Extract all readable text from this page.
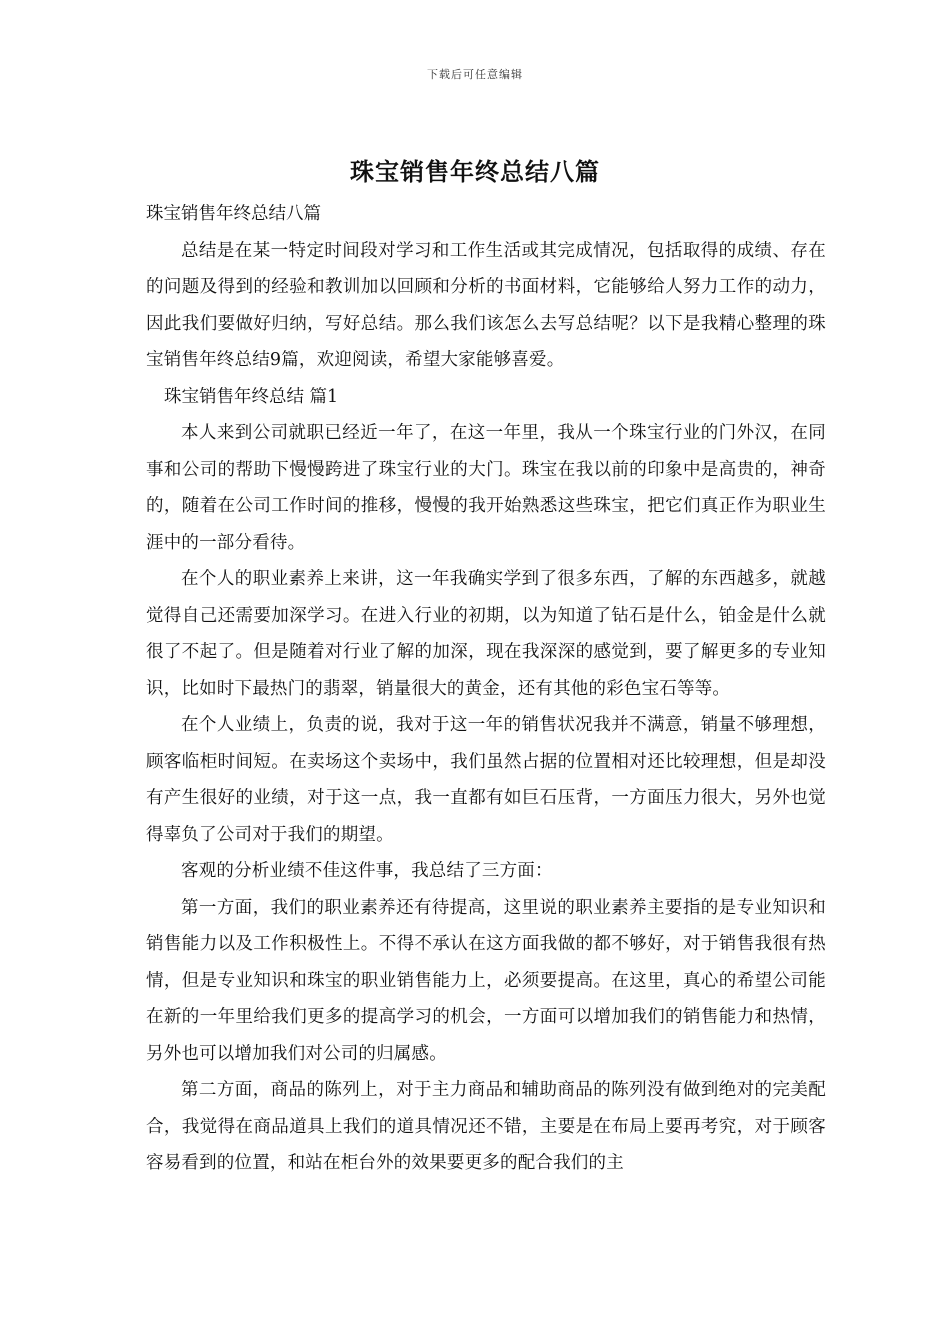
下载后可任意编辑
珠宝销售年终总结八篇

珠宝销售年终总结八篇

总结是在某一特定时间段对学习和工作生活或其完成情况，包括取得的成绩、存在的问题及得到的经验和教训加以回顾和分析的书面材料，它能够给人努力工作的动力，因此我们要做好归纳，写好总结。那么我们该怎么去写总结呢？以下是我精心整理的珠宝销售年终总结9篇，欢迎阅读，希望大家能够喜爱。

珠宝销售年终总结 篇1

本人来到公司就职已经近一年了，在这一年里，我从一个珠宝行业的门外汉，在同事和公司的帮助下慢慢跨进了珠宝行业的大门。珠宝在我以前的印象中是高贵的，神奇的，随着在公司工作时间的推移，慢慢的我开始熟悉这些珠宝，把它们真正作为职业生涯中的一部分看待。

在个人的职业素养上来讲，这一年我确实学到了很多东西，了解的东西越多，就越觉得自己还需要加深学习。在进入行业的初期，以为知道了钻石是什么，铂金是什么就很了不起了。但是随着对行业了解的加深，现在我深深的感觉到，要了解更多的专业知识，比如时下最热门的翡翠，销量很大的黄金，还有其他的彩色宝石等等。

在个人业绩上，负责的说，我对于这一年的销售状况我并不满意，销量不够理想，顾客临柜时间短。在卖场这个卖场中，我们虽然占据的位置相对还比较理想，但是却没有产生很好的业绩，对于这一点，我一直都有如巨石压背，一方面压力很大，另外也觉得辜负了公司对于我们的期望。

客观的分析业绩不佳这件事，我总结了三方面：

第一方面，我们的职业素养还有待提高，这里说的职业素养主要指的是专业知识和销售能力以及工作积极性上。不得不承认在这方面我做的都不够好，对于销售我很有热情，但是专业知识和珠宝的职业销售能力上，必须要提高。在这里，真心的希望公司能在新的一年里给我们更多的提高学习的机会，一方面可以增加我们的销售能力和热情，另外也可以增加我们对公司的归属感。

第二方面，商品的陈列上，对于主力商品和辅助商品的陈列没有做到绝对的完美配合，我觉得在商品道具上我们的道具情况还不错，主要是在布局上要再考究，对于顾客容易看到的位置，和站在柜台外的效果要更多的配合我们的主
